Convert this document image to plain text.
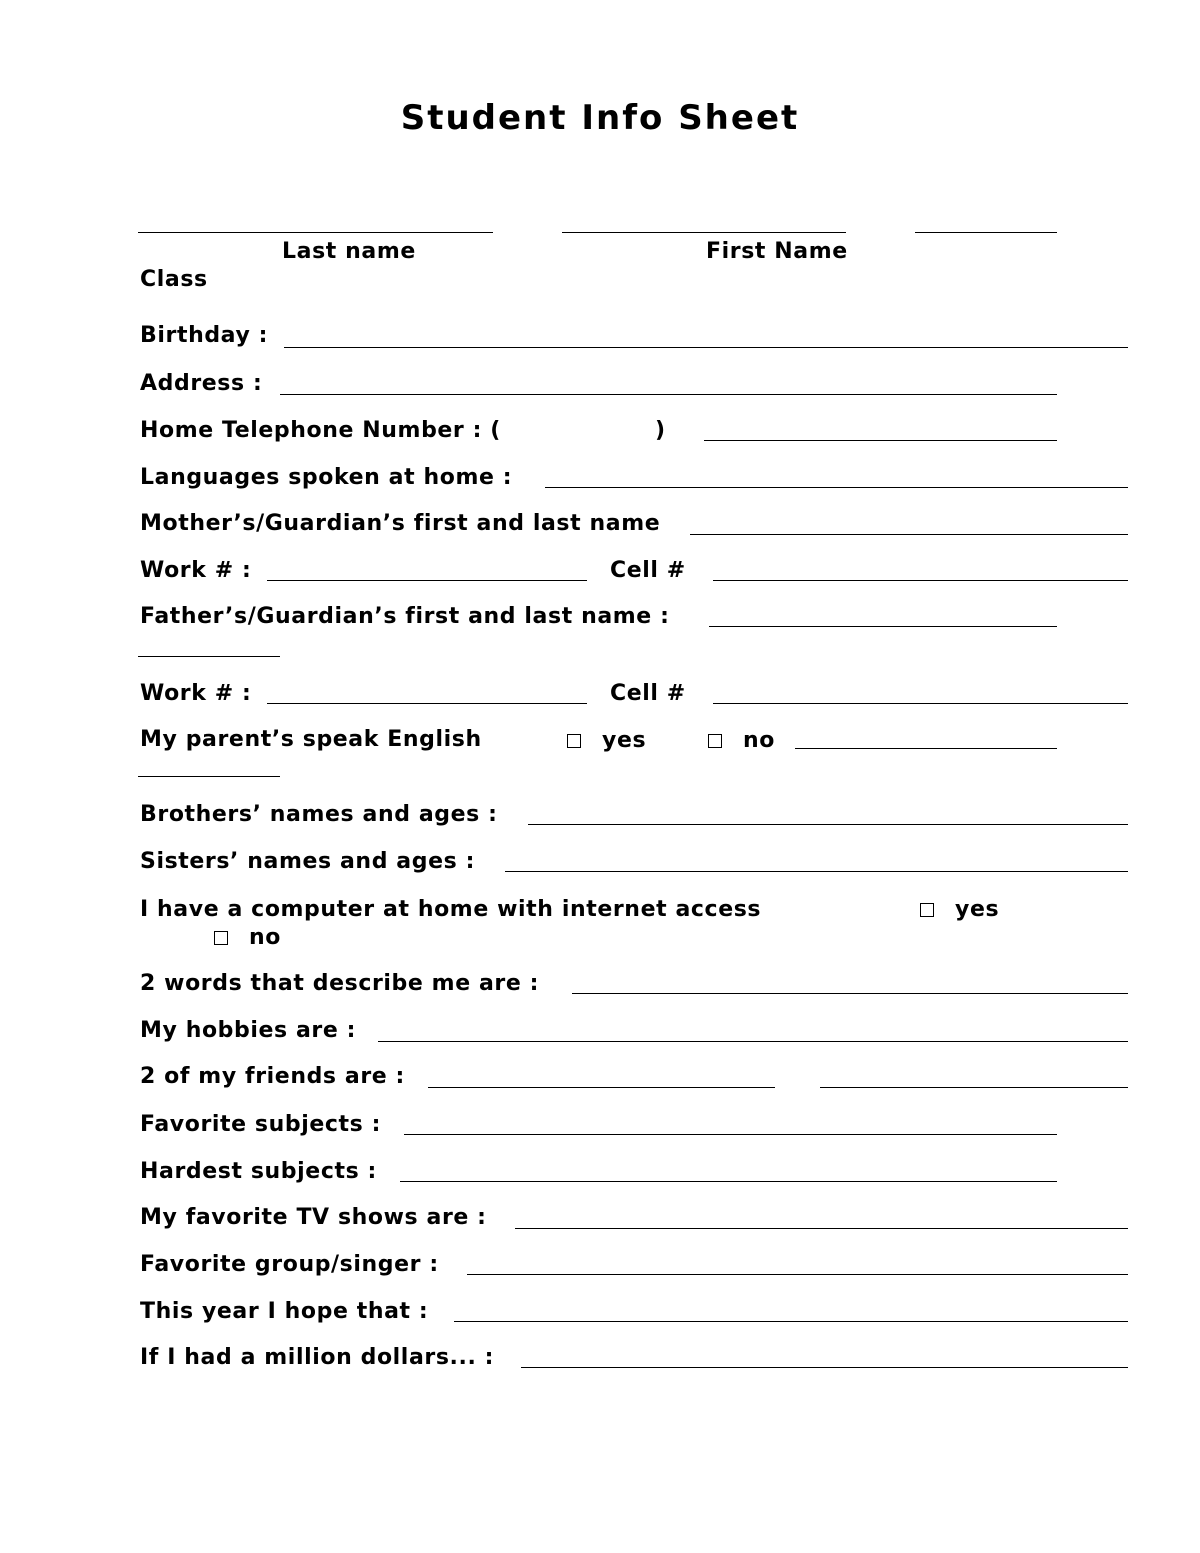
Student Info Sheet
Last name	First Name
Class
Birthday :
Address :
Home Telephone Number : (	)
Languages spoken at home :
Mother’s/Guardian’s first and last name
Work # :	Cell #
Father’s/Guardian’s first and last name :
Work # :	Cell #
My parent’s speak English	yes	no
Brothers’ names and ages :
Sisters’ names and ages :
I have a computer at home with internet access	yes
no
2 words that describe me are :
My hobbies are :
2 of my friends are :
Favorite subjects :
Hardest subjects :
My favorite TV shows are :
Favorite group/singer :
This year I hope that :
If I had a million dollars... :
